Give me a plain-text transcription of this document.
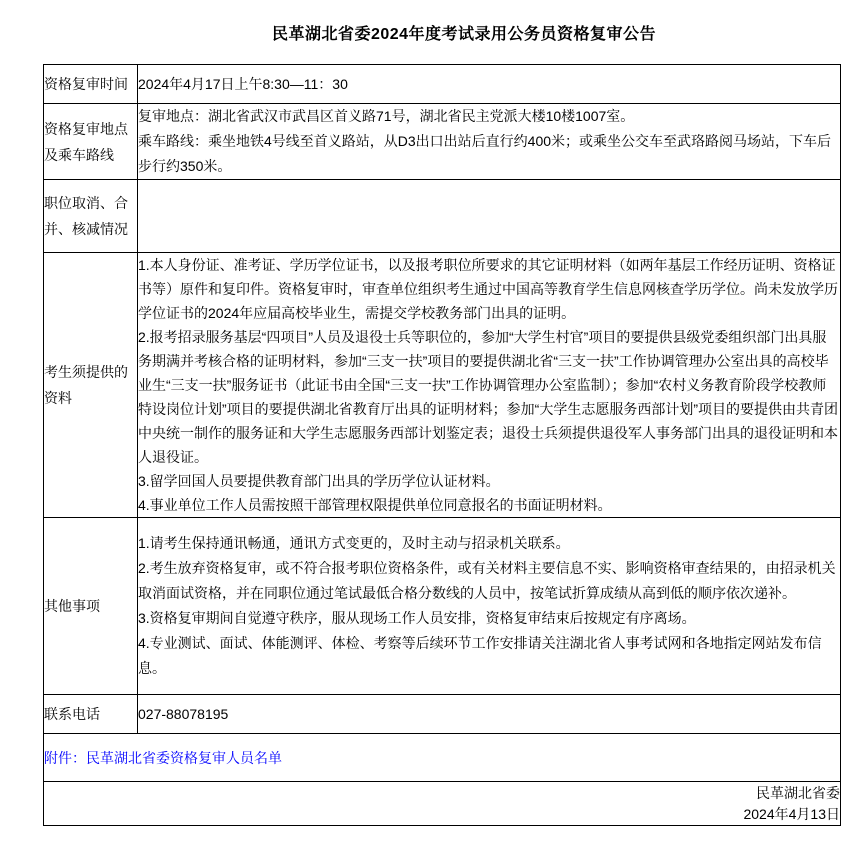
民革湖北省委2024年度考试录用公务员资格复审公告
资格复审时间	2024年4月17日上午8:30—11：30

资格复审地点及乘车路线	复审地点：湖北省武汉市武昌区首义路71号，湖北省民主党派大楼10楼1007室。
乘车路线：乘坐地铁4号线至首义路站，从D3出口出站后直行约400米；或乘坐公交车至武珞路阅马场站，下车后步行约350米。

职位取消、合并、核减情况	
考生须提供的资料	1.本人身份证、准考证、学历学位证书，以及报考职位所要求的其它证明材料（如两年基层工作经历证明、资格证书等）原件和复印件。资格复审时，审查单位组织考生通过中国高等教育学生信息网核查学历学位。尚未发放学历学位证书的2024年应届高校毕业生，需提交学校教务部门出具的证明。
2.报考招录服务基层“四项目”人员及退役士兵等职位的，参加“大学生村官”项目的要提供县级党委组织部门出具服务期满并考核合格的证明材料，参加“三支一扶”项目的要提供湖北省“三支一扶”工作协调管理办公室出具的高校毕业生“三支一扶”服务证书（此证书由全国“三支一扶”工作协调管理办公室监制）；参加“农村义务教育阶段学校教师特设岗位计划”项目的要提供湖北省教育厅出具的证明材料；参加“大学生志愿服务西部计划”项目的要提供由共青团中央统一制作的服务证和大学生志愿服务西部计划鉴定表；退役士兵须提供退役军人事务部门出具的退役证明和本人退役证。
3.留学回国人员要提供教育部门出具的学历学位认证材料。
4.事业单位工作人员需按照干部管理权限提供单位同意报名的书面证明材料。

其他事项	1.请考生保持通讯畅通，通讯方式变更的，及时主动与招录机关联系。
2.考生放弃资格复审，或不符合报考职位资格条件，或有关材料主要信息不实、影响资格审查结果的，由招录机关取消面试资格，并在同职位通过笔试最低合格分数线的人员中，按笔试折算成绩从高到低的顺序依次递补。
3.资格复审期间自觉遵守秩序，服从现场工作人员安排，资格复审结束后按规定有序离场。
4.专业测试、面试、体能测评、体检、考察等后续环节工作安排请关注湖北省人事考试网和各地指定网站发布信息。

联系电话	027-88078195

附件：民革湖北省委资格复审人员名单	

民革湖北省委
2024年4月13日	
